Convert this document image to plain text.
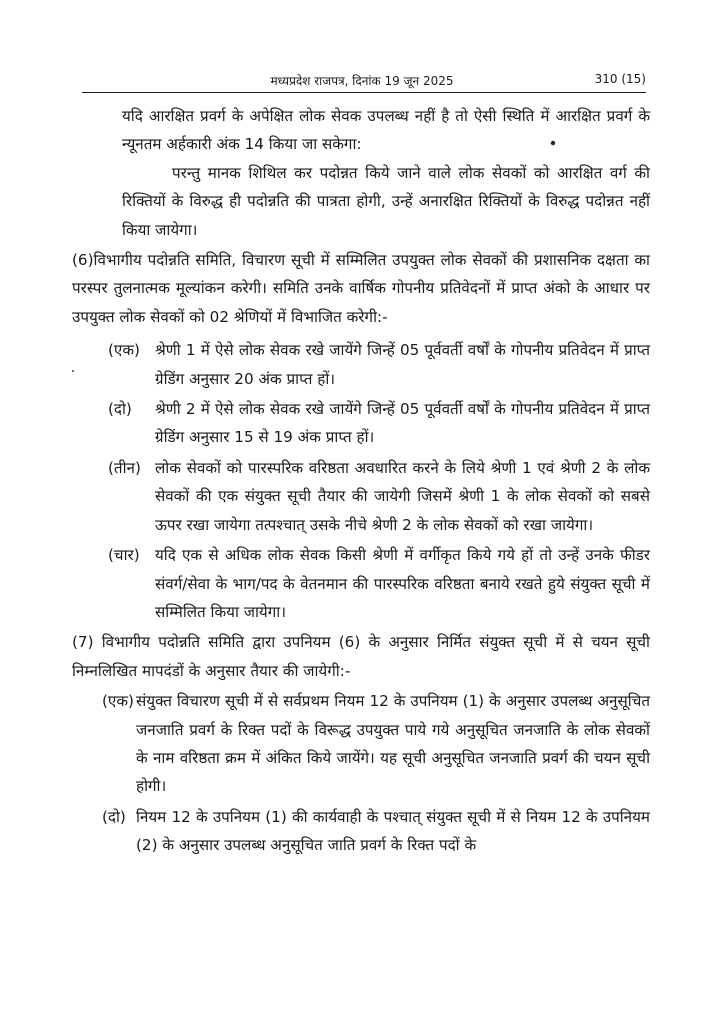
मध्यप्रदेश राजपत्र, दिनांक 19 जून 2025	310 (15)

यदि आरक्षित प्रवर्ग के अपेक्षित लोक सेवक उपलब्ध नहीं है तो ऐसी स्थिति में आरक्षित प्रवर्ग के न्यूनतम अर्हकारी अंक 14 किया जा सकेगा:

परन्तु मानक शिथिल कर पदोन्नत किये जाने वाले लोक सेवकों को आरक्षित वर्ग की रिक्तियों के विरुद्ध ही पदोन्नति की पात्रता होगी, उन्हें अनारक्षित रिक्तियों के विरुद्ध पदोन्नत नहीं किया जायेगा।

(6)विभागीय पदोन्नति समिति, विचारण सूची में सम्मिलित उपयुक्त लोक सेवकों की प्रशासनिक दक्षता का परस्पर तुलनात्मक मूल्यांकन करेगी। समिति उनके वार्षिक गोपनीय प्रतिवेदनों में प्राप्त अंको के आधार पर उपयुक्त लोक सेवकों को 02 श्रेणियों में विभाजित करेगी:-

(एक) श्रेणी 1 में ऐसे लोक सेवक रखे जायेंगे जिन्हें 05 पूर्ववर्ती वर्षों के गोपनीय प्रतिवेदन में प्राप्त ग्रेडिंग अनुसार 20 अंक प्राप्त हों।
(दो) श्रेणी 2 में ऐसे लोक सेवक रखे जायेंगे जिन्हें 05 पूर्ववर्ती वर्षों के गोपनीय प्रतिवेदन में प्राप्त ग्रेडिंग अनुसार 15 से 19 अंक प्राप्त हों।
(तीन) लोक सेवकों को पारस्परिक वरिष्ठता अवधारित करने के लिये श्रेणी 1 एवं श्रेणी 2 के लोक सेवकों की एक संयुक्त सूची तैयार की जायेगी जिसमें श्रेणी 1 के लोक सेवकों को सबसे ऊपर रखा जायेगा तत्पश्चात् उसके नीचे श्रेणी 2 के लोक सेवकों को रखा जायेगा।
(चार) यदि एक से अधिक लोक सेवक किसी श्रेणी में वर्गीकृत किये गये हों तो उन्हें उनके फीडर संवर्ग/सेवा के भाग/पद के वेतनमान की पारस्परिक वरिष्ठता बनाये रखते हुये संयुक्त सूची में सम्मिलित किया जायेगा।

(7) विभागीय पदोन्नति समिति द्वारा उपनियम (6) के अनुसार निर्मित संयुक्त सूची में से चयन सूची निम्नलिखित मापदंडों के अनुसार तैयार की जायेगी:-

(एक) संयुक्त विचारण सूची में से सर्वप्रथम नियम 12 के उपनियम (1) के अनुसार उपलब्ध अनुसूचित जनजाति प्रवर्ग के रिक्त पदों के विरूद्ध उपयुक्त पाये गये अनुसूचित जनजाति के लोक सेवकों के नाम वरिष्ठता क्रम में अंकित किये जायेंगे। यह सूची अनुसूचित जनजाति प्रवर्ग की चयन सूची होगी।
(दो) नियम 12 के उपनियम (1) की कार्यवाही के पश्चात् संयुक्त सूची में से नियम 12 के उपनियम (2) के अनुसार उपलब्ध अनुसूचित जाति प्रवर्ग के रिक्त पदों के
